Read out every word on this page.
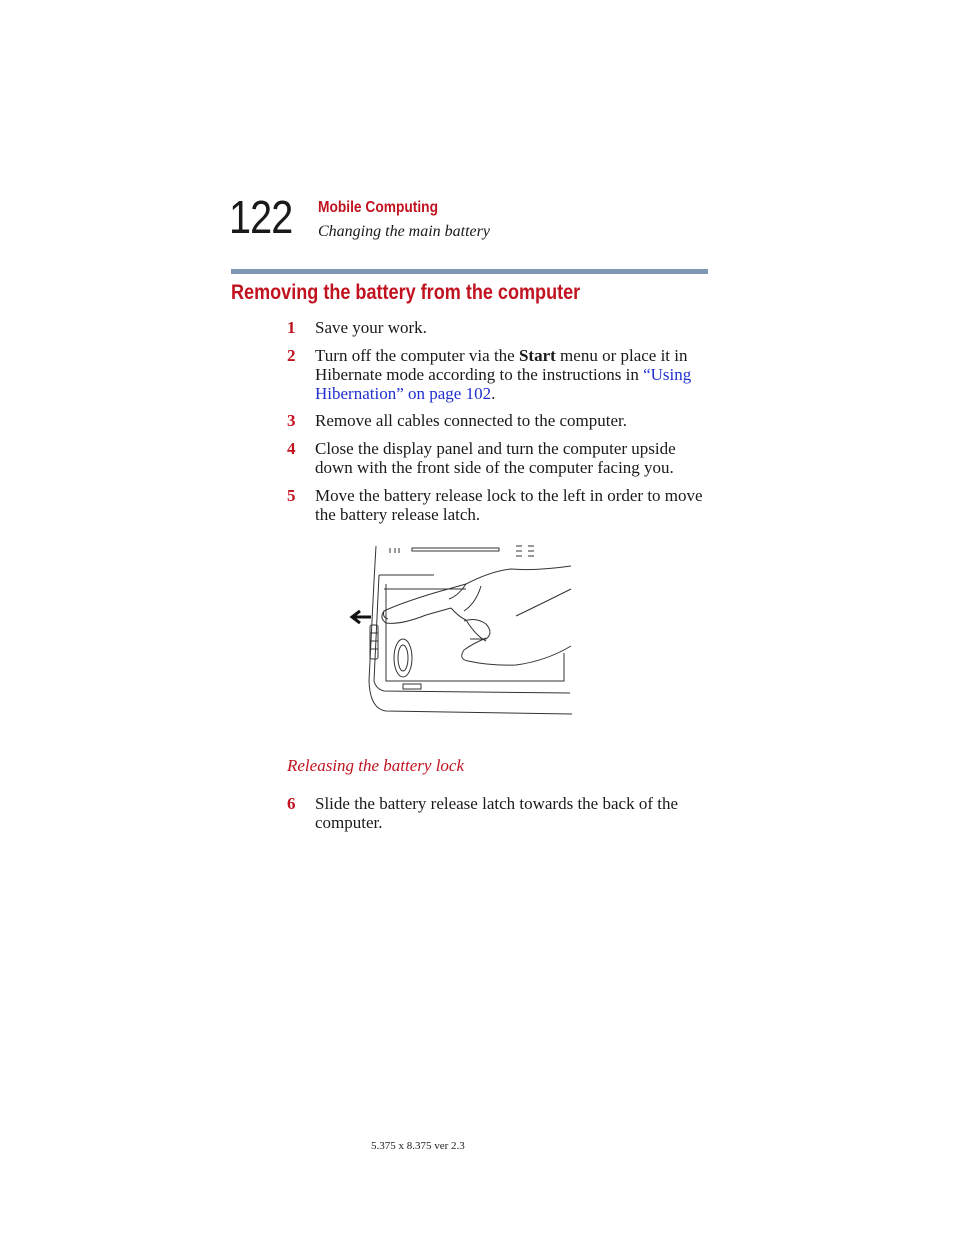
122 Mobile Computing
Changing the main battery
Removing the battery from the computer
1 Save your work.
2 Turn off the computer via the Start menu or place it in Hibernate mode according to the instructions in “Using Hibernation” on page 102.
3 Remove all cables connected to the computer.
4 Close the display panel and turn the computer upside down with the front side of the computer facing you.
5 Move the battery release lock to the left in order to move the battery release latch.
Releasing the battery lock
6 Slide the battery release latch towards the back of the computer.
5.375 x 8.375 ver 2.3
